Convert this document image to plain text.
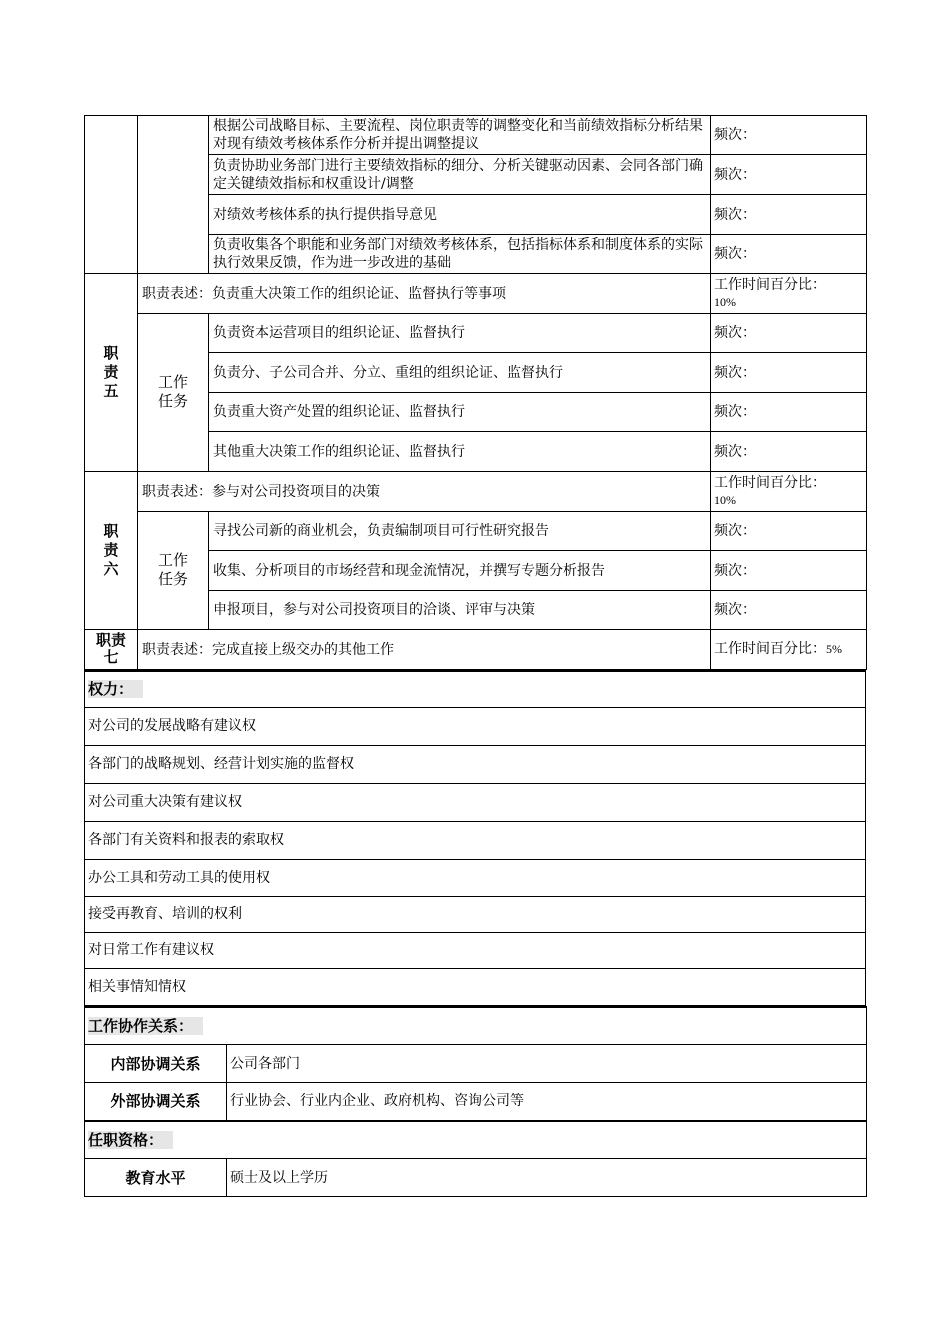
		根据公司战略目标、主要流程、岗位职责等的调整变化和当前绩效指标分析结果对现有绩效考核体系作分析并提出调整提议	频次：
		负责协助业务部门进行主要绩效指标的细分、分析关键驱动因素、会同各部门确定关键绩效指标和权重设计/调整	频次：
		对绩效考核体系的执行提供指导意见	频次：
		负责收集各个职能和业务部门对绩效考核体系，包括指标体系和制度体系的实际执行效果反馈，作为进一步改进的基础	频次：
职责五	职责表述：负责重大决策工作的组织论证、监督执行等事项		工作时间百分比：
10%

	工作任务	负责资本运营项目的组织论证、监督执行	频次：
		负责分、子公司合并、分立、重组的组织论证、监督执行	频次：
		负责重大资产处置的组织论证、监督执行	频次：
		其他重大决策工作的组织论证、监督执行	频次：
职责六	职责表述：参与对公司投资项目的决策		工作时间百分比：
10%

	工作任务	寻找公司新的商业机会，负责编制项目可行性研究报告	频次：
		收集、分析项目的市场经营和现金流情况，并撰写专题分析报告	频次：
		申报项目，参与对公司投资项目的洽谈、评审与决策	频次：
职责七	职责表述：完成直接上级交办的其他工作		工作时间百分比：5%
权力：
对公司的发展战略有建议权
各部门的战略规划、经营计划实施的监督权
对公司重大决策有建议权
各部门有关资料和报表的索取权
办公工具和劳动工具的使用权
接受再教育、培训的权利
对日常工作有建议权
相关事情知情权
工作协作关系：	
内部协调关系	公司各部门
外部协调关系	行业协会、行业内企业、政府机构、咨询公司等
任职资格：	
教育水平	硕士及以上学历
